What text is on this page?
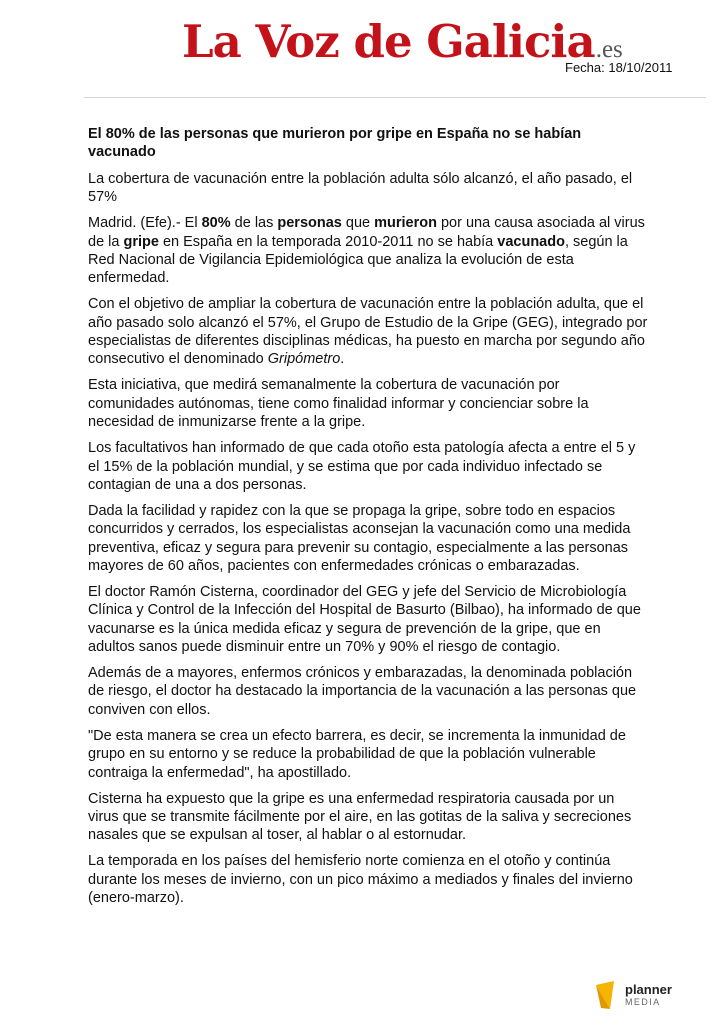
La Voz de Galicia .es
Fecha: 18/10/2011
El 80% de las personas que murieron por gripe en España no se habían vacunado

La cobertura de vacunación entre la población adulta sólo alcanzó, el año pasado, el 57%

Madrid. (Efe).- El 80% de las personas que murieron por una causa asociada al virus de la gripe en España en la temporada 2010-2011 no se había vacunado, según la Red Nacional de Vigilancia Epidemiológica que analiza la evolución de esta enfermedad.

Con el objetivo de ampliar la cobertura de vacunación entre la población adulta, que el año pasado solo alcanzó el 57%, el Grupo de Estudio de la Gripe (GEG), integrado por especialistas de diferentes disciplinas médicas, ha puesto en marcha por segundo año consecutivo el denominado Gripómetro.

Esta iniciativa, que medirá semanalmente la cobertura de vacunación por comunidades autónomas, tiene como finalidad informar y concienciar sobre la necesidad de inmunizarse frente a la gripe.

Los facultativos han informado de que cada otoño esta patología afecta a entre el 5 y el 15% de la población mundial, y se estima que por cada individuo infectado se contagian de una a dos personas.

Dada la facilidad y rapidez con la que se propaga la gripe, sobre todo en espacios concurridos y cerrados, los especialistas aconsejan la vacunación como una medida preventiva, eficaz y segura para prevenir su contagio, especialmente a las personas mayores de 60 años, pacientes con enfermedades crónicas o embarazadas.

El doctor Ramón Cisterna, coordinador del GEG y jefe del Servicio de Microbiología Clínica y Control de la Infección del Hospital de Basurto (Bilbao), ha informado de que vacunarse es la única medida eficaz y segura de prevención de la gripe, que en adultos sanos puede disminuir entre un 70% y 90% el riesgo de contagio.

Además de a mayores, enfermos crónicos y embarazadas, la denominada población de riesgo, el doctor ha destacado la importancia de la vacunación a las personas que conviven con ellos.

"De esta manera se crea un efecto barrera, es decir, se incrementa la inmunidad de grupo en su entorno y se reduce la probabilidad de que la población vulnerable contraiga la enfermedad", ha apostillado.

Cisterna ha expuesto que la gripe es una enfermedad respiratoria causada por un virus que se transmite fácilmente por el aire, en las gotitas de la saliva y secreciones nasales que se expulsan al toser, al hablar o al estornudar.

La temporada en los países del hemisferio norte comienza en el otoño y continúa durante los meses de invierno, con un pico máximo a mediados y finales del invierno (enero-marzo).

planner
MEDIA
